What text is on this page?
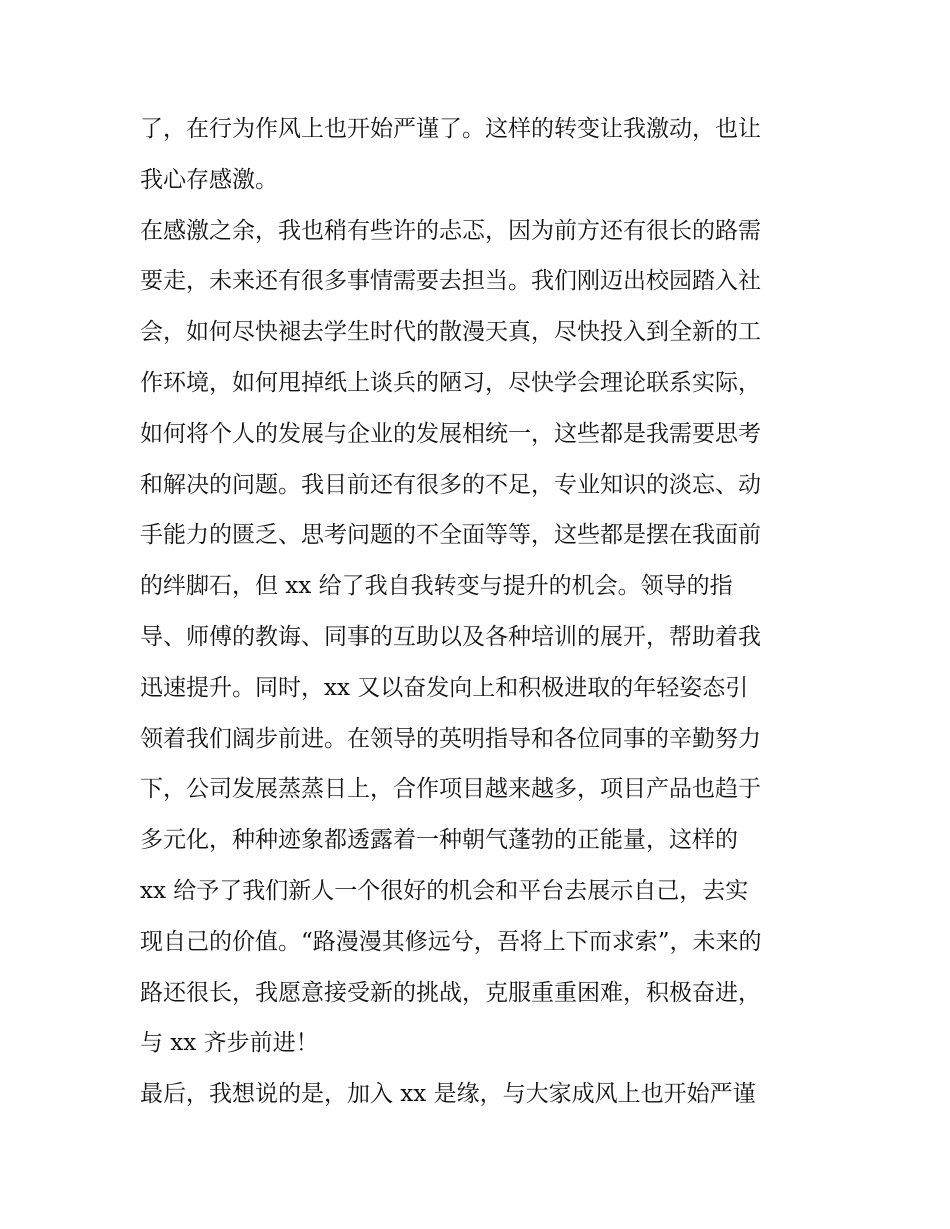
了，在行为作风上也开始严谨了。这样的转变让我激动，也让
我心存感激。
在感激之余，我也稍有些许的忐忑，因为前方还有很长的路需
要走，未来还有很多事情需要去担当。我们刚迈出校园踏入社
会，如何尽快褪去学生时代的散漫天真，尽快投入到全新的工
作环境，如何甩掉纸上谈兵的陋习，尽快学会理论联系实际，
如何将个人的发展与企业的发展相统一，这些都是我需要思考
和解决的问题。我目前还有很多的不足，专业知识的淡忘、动
手能力的匮乏、思考问题的不全面等等，这些都是摆在我面前
的绊脚石，但 xx 给了我自我转变与提升的机会。领导的指
导、师傅的教诲、同事的互助以及各种培训的展开，帮助着我
迅速提升。同时，xx 又以奋发向上和积极进取的年轻姿态引
领着我们阔步前进。在领导的英明指导和各位同事的辛勤努力
下，公司发展蒸蒸日上，合作项目越来越多，项目产品也趋于
多元化，种种迹象都透露着一种朝气蓬勃的正能量，这样的
xx 给予了我们新人一个很好的机会和平台去展示自己，去实
现自己的价值。“路漫漫其修远兮，吾将上下而求索”，未来的
路还很长，我愿意接受新的挑战，克服重重困难，积极奋进，
与 xx 齐步前进！
最后，我想说的是，加入 xx 是缘，与大家成风上也开始严谨
